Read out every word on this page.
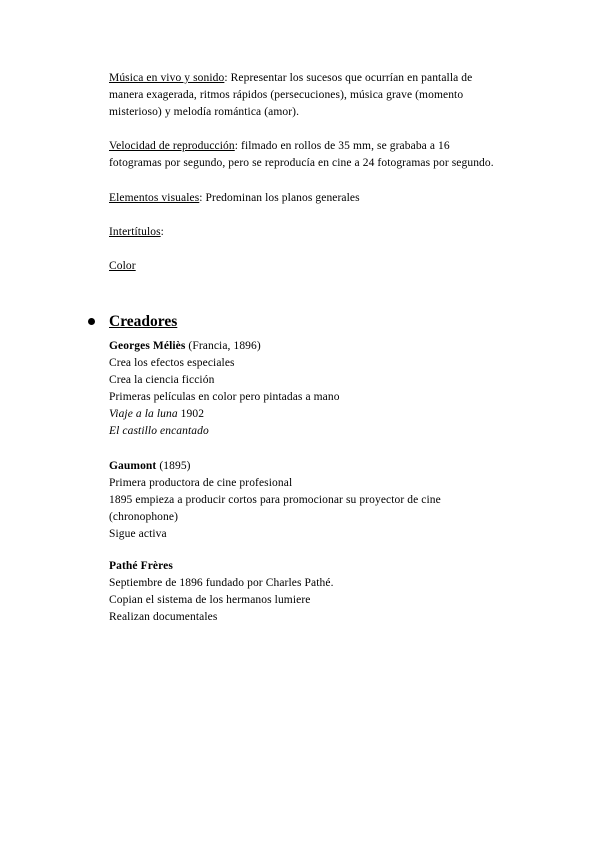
Música en vivo y sonido: Representar los sucesos que ocurrían en pantalla de
manera exagerada, ritmos rápidos (persecuciones), música grave (momento
misterioso) y melodía romántica (amor).
Velocidad de reproducción: filmado en rollos de 35 mm, se grababa a 16
fotogramas por segundo, pero se reproducía en cine a 24 fotogramas por segundo.
Elementos visuales: Predominan los planos generales
Intertítulos:
Color
Creadores
Georges Méliès (Francia, 1896)
Crea los efectos especiales
Crea la ciencia ficción
Primeras películas en color pero pintadas a mano
Viaje a la luna 1902
El castillo encantado
Gaumont (1895)
Primera productora de cine profesional
1895 empieza a producir cortos para promocionar su proyector de cine
(chronophone)
Sigue activa
Pathé Frères
Septiembre de 1896 fundado por Charles Pathé.
Copian el sistema de los hermanos lumiere
Realizan documentales
